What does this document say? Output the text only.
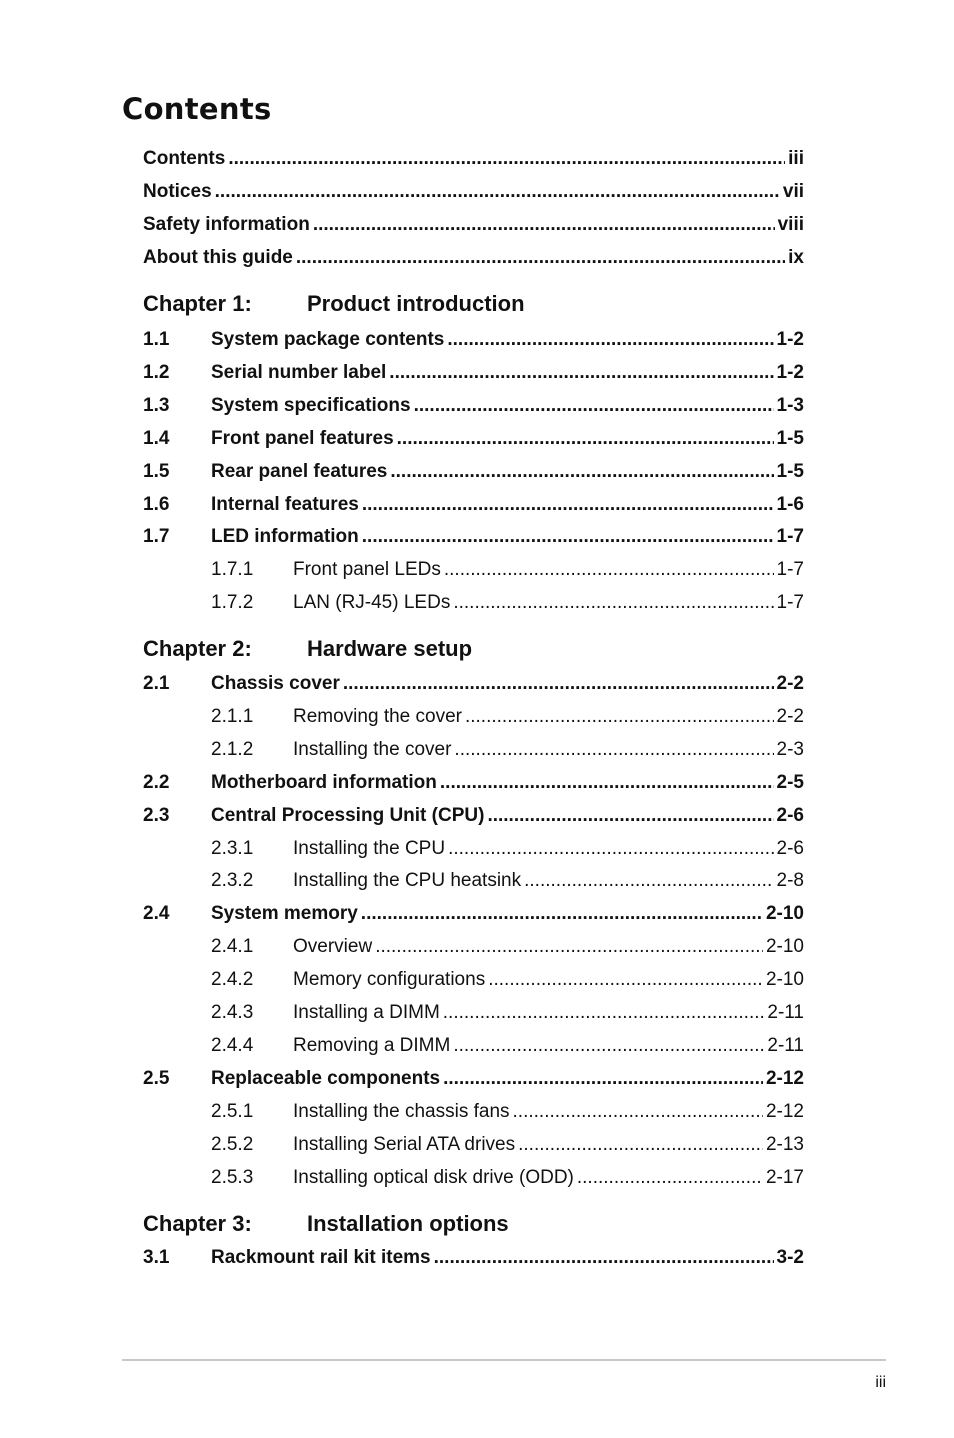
Contents
Contents .....	iii
Notices .....	vii
Safety information .....	viii
About this guide .....	ix
Chapter 1:	Product introduction
1.1	System package contents .....	1-2
1.2	Serial number label .....	1-2
1.3	System specifications .....	1-3
1.4	Front panel features .....	1-5
1.5	Rear panel features .....	1-5
1.6	Internal features .....	1-6
1.7	LED information .....	1-7
1.7.1	Front panel LEDs .....	1-7
1.7.2	LAN (RJ-45) LEDs .....	1-7
Chapter 2:	Hardware setup
2.1	Chassis cover .....	2-2
2.1.1	Removing the cover .....	2-2
2.1.2	Installing the cover .....	2-3
2.2	Motherboard information .....	2-5
2.3	Central Processing Unit (CPU) .....	2-6
2.3.1	Installing the CPU .....	2-6
2.3.2	Installing the CPU heatsink .....	2-8
2.4	System memory .....	2-10
2.4.1	Overview .....	2-10
2.4.2	Memory configurations .....	2-10
2.4.3	Installing a DIMM .....	2-11
2.4.4	Removing a DIMM .....	2-11
2.5	Replaceable components .....	2-12
2.5.1	Installing the chassis fans .....	2-12
2.5.2	Installing Serial ATA drives .....	2-13
2.5.3	Installing optical disk drive (ODD) .....	2-17
Chapter 3:	Installation options
3.1	Rackmount rail kit items .....	3-2
iii
